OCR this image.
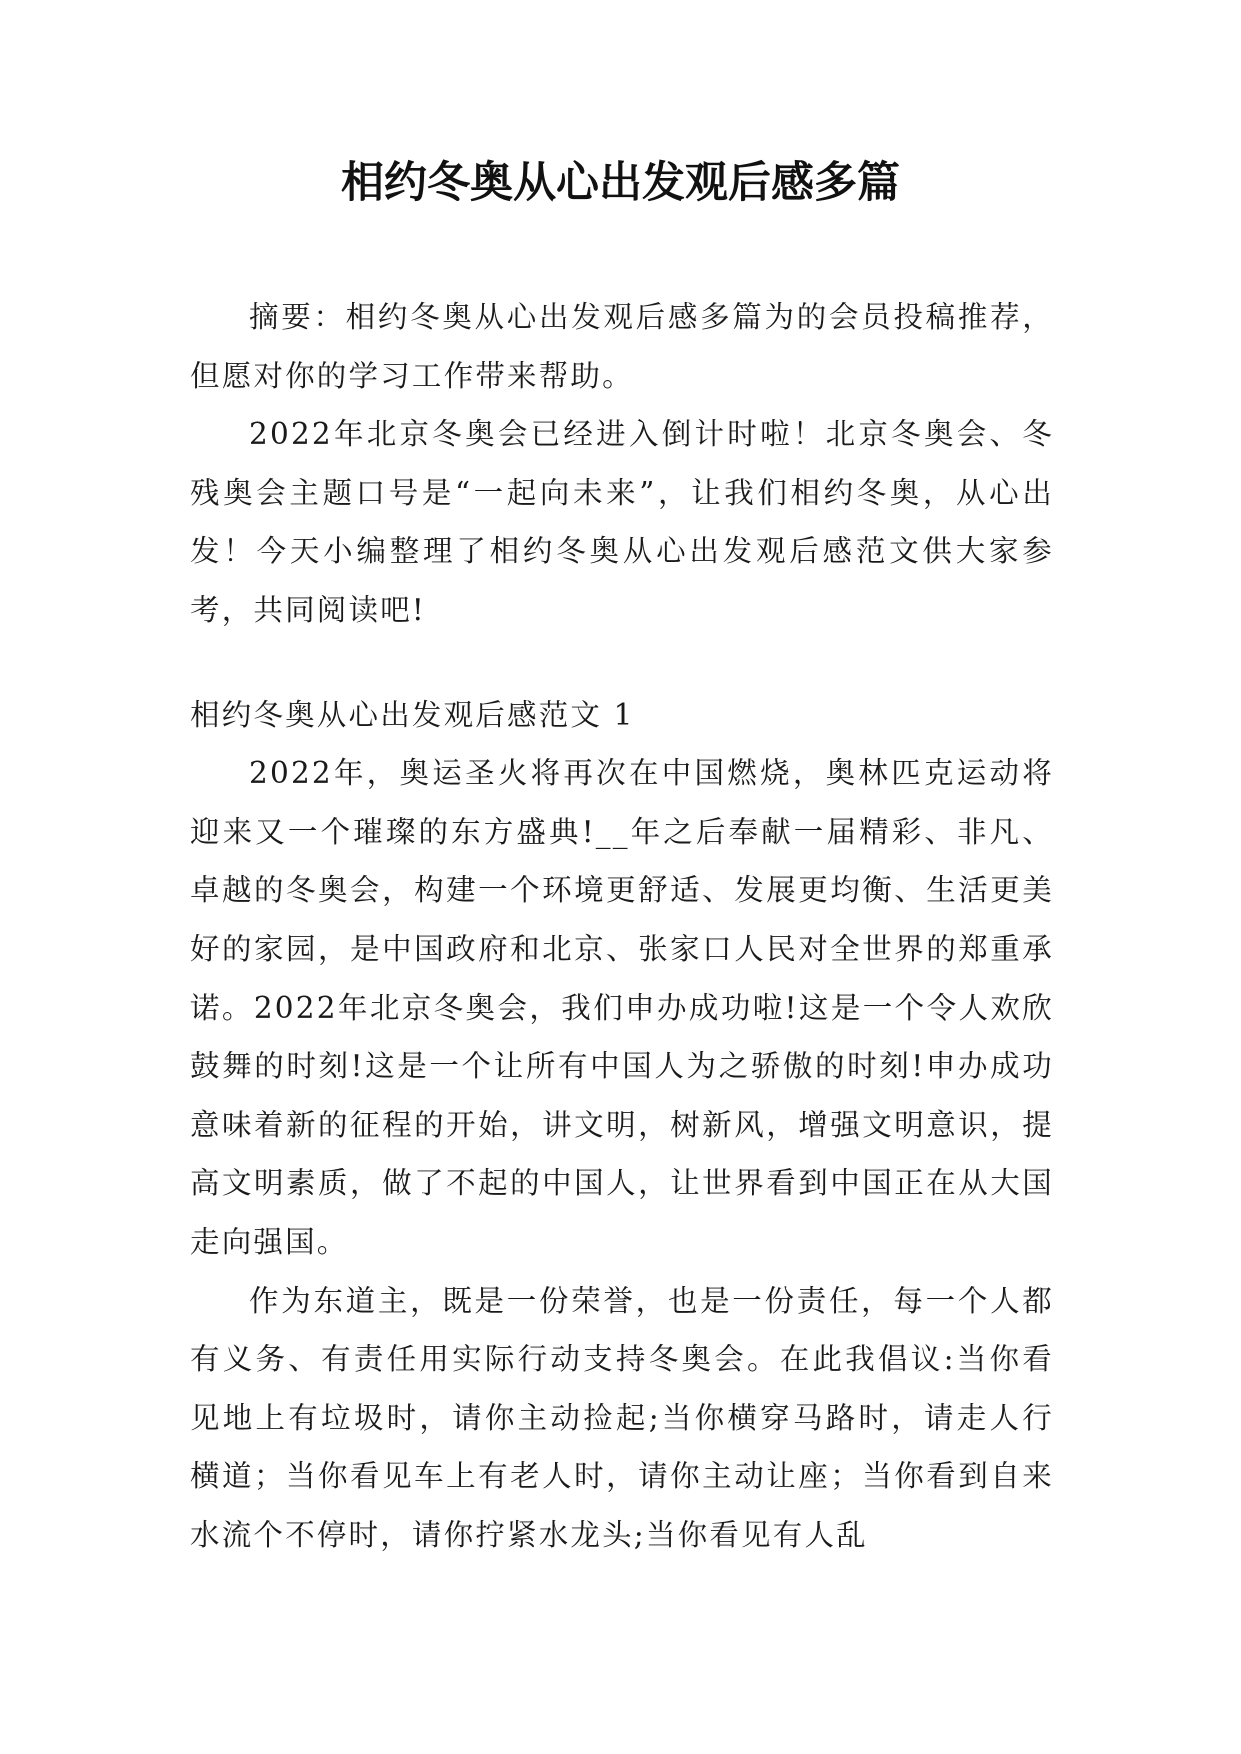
相约冬奥从心出发观后感多篇

摘要：相约冬奥从心出发观后感多篇为的会员投稿推荐，但愿对你的学习工作带来帮助。

2022年北京冬奥会已经进入倒计时啦！北京冬奥会、冬残奥会主题口号是“一起向未来”，让我们相约冬奥，从心出发！今天小编整理了相约冬奥从心出发观后感范文供大家参考，共同阅读吧!

相约冬奥从心出发观后感范文 1

2022年，奥运圣火将再次在中国燃烧，奥林匹克运动将迎来又一个璀璨的东方盛典!__年之后奉献一届精彩、非凡、卓越的冬奥会，构建一个环境更舒适、发展更均衡、生活更美好的家园，是中国政府和北京、张家口人民对全世界的郑重承诺。2022年北京冬奥会，我们申办成功啦!这是一个令人欢欣鼓舞的时刻!这是一个让所有中国人为之骄傲的时刻!申办成功意味着新的征程的开始，讲文明，树新风，增强文明意识，提高文明素质，做了不起的中国人，让世界看到中国正在从大国走向强国。

作为东道主，既是一份荣誉，也是一份责任，每一个人都有义务、有责任用实际行动支持冬奥会。在此我倡议:当你看见地上有垃圾时，请你主动捡起;当你横穿马路时，请走人行横道；当你看见车上有老人时，请你主动让座；当你看到自来水流个不停时，请你拧紧水龙头;当你看见有人乱
